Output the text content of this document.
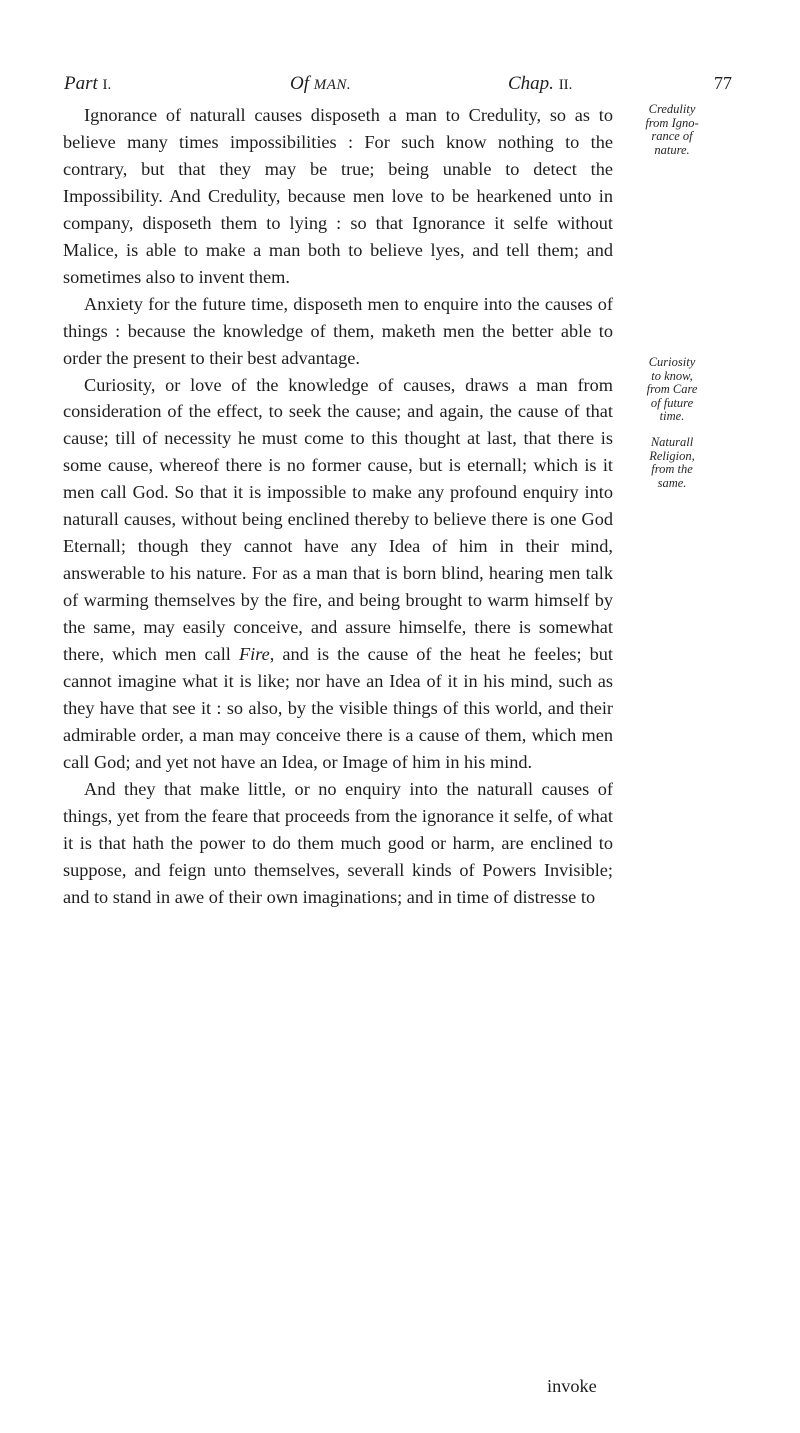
Part I.	Of MAN.	Chap. II.	77

Ignorance of naturall causes disposeth a man to Credulity, so as to believe many times impossibilities : For such know nothing to the contrary, but that they may be true; being unable to detect the Impossibility. And Credulity, because men love to be hearkened unto in company, disposeth them to lying : so that Ignorance it selfe without Malice, is able to make a man both to believe lyes, and tell them; and sometimes also to invent them.

Anxiety for the future time, disposeth men to enquire into the causes of things : because the knowledge of them, maketh men the better able to order the present to their best advantage.

Curiosity, or love of the knowledge of causes, draws a man from consideration of the effect, to seek the cause; and again, the cause of that cause; till of necessity he must come to this thought at last, that there is some cause, whereof there is no former cause, but is eternall; which is it men call God. So that it is impossible to make any profound enquiry into naturall causes, without being enclined thereby to believe there is one God Eternall; though they cannot have any Idea of him in their mind, answerable to his nature. For as a man that is born blind, hearing men talk of warming themselves by the fire, and being brought to warm himself by the same, may easily conceive, and assure himselfe, there is somewhat there, which men call Fire, and is the cause of the heat he feeles; but cannot imagine what it is like; nor have an Idea of it in his mind, such as they have that see it : so also, by the visible things of this world, and their admirable order, a man may conceive there is a cause of them, which men call God; and yet not have an Idea, or Image of him in his mind.

And they that make little, or no enquiry into the naturall causes of things, yet from the feare that proceeds from the ignorance it selfe, of what it is that hath the power to do them much good or harm, are enclined to suppose, and feign unto themselves, severall kinds of Powers Invisible; and to stand in awe of their own imaginations; and in time of distresse to

invoke
Credulity
from Igno-
rance of
nature.
Curiosity
to know,
from Care
of future
time.
Naturall
Religion,
from the
same.
